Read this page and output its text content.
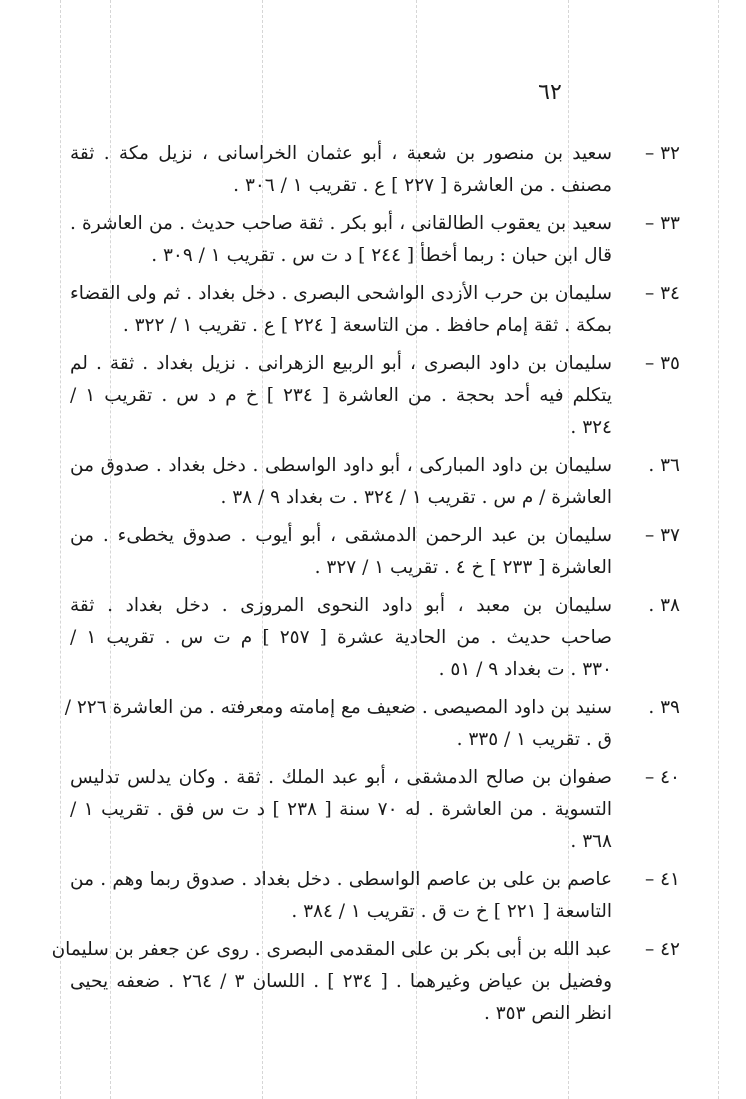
٦٢
٣٢ –
سعيد بن منصور بن شعبة ، أبو عثمان الخراسانى ، نزيل مكة . ثقة
مصنف . من العاشرة [ ٢٢٧ ] ع . تقريب ١ / ٣٠٦ .
٣٣ –
سعيد بن يعقوب الطالقانى ، أبو بكر . ثقة صاحب حديث . من العاشرة .
قال ابن حبان : ربما أخطأ [ ٢٤٤ ] د ت س . تقريب ١ / ٣٠٩ .
٣٤ –
سليمان بن حرب الأزدى الواشحى البصرى . دخل بغداد . ثم ولى القضاء
بمكة . ثقة إمام حافظ . من التاسعة [ ٢٢٤ ] ع . تقريب ١ / ٣٢٢ .
٣٥ –
سليمان بن داود البصرى ، أبو الربيع الزهرانى . نزيل بغداد . ثقة . لم
يتكلم فيه أحد بحجة . من العاشرة [ ٢٣٤ ] خ م د س . تقريب ١ /
٣٢٤ .
٣٦ .
سليمان بن داود المباركى ، أبو داود الواسطى . دخل بغداد . صدوق من
العاشرة / م س . تقريب ١ / ٣٢٤ . ت بغداد ٩ / ٣٨ .
٣٧ –
سليمان بن عبد الرحمن الدمشقى ، أبو أيوب . صدوق يخطىء . من
العاشرة [ ٢٣٣ ] خ ٤ . تقريب ١ / ٣٢٧ .
٣٨ .
سليمان بن معبد ، أبو داود النحوى المروزى . دخل بغداد . ثقة
صاحب حديث . من الحادية عشرة [ ٢٥٧ ] م ت س . تقريب ١ /
٣٣٠ . ت بغداد ٩ / ٥١ .
٣٩ .
سنيد بن داود المصيصى . ضعيف مع إمامته ومعرفته . من العاشرة ٢٢٦ /
ق . تقريب ١ / ٣٣٥ .
٤٠ –
صفوان بن صالح الدمشقى ، أبو عبد الملك . ثقة . وكان يدلس تدليس
التسوية . من العاشرة . له ٧٠ سنة [ ٢٣٨ ] د ت س فق . تقريب ١ /
٣٦٨ .
٤١ –
عاصم بن على بن عاصم الواسطى . دخل بغداد . صدوق ربما وهم . من
التاسعة [ ٢٢١ ] خ ت ق . تقريب ١ / ٣٨٤ .
٤٢ –
عبد الله بن أبى بكر بن على المقدمى البصرى . روى عن جعفر بن سليمان
وفضيل بن عياض وغيرهما . [ ٢٣٤ ] . اللسان ٣ / ٢٦٤ . ضعفه يحيى
انظر النص ٣٥٣ .
